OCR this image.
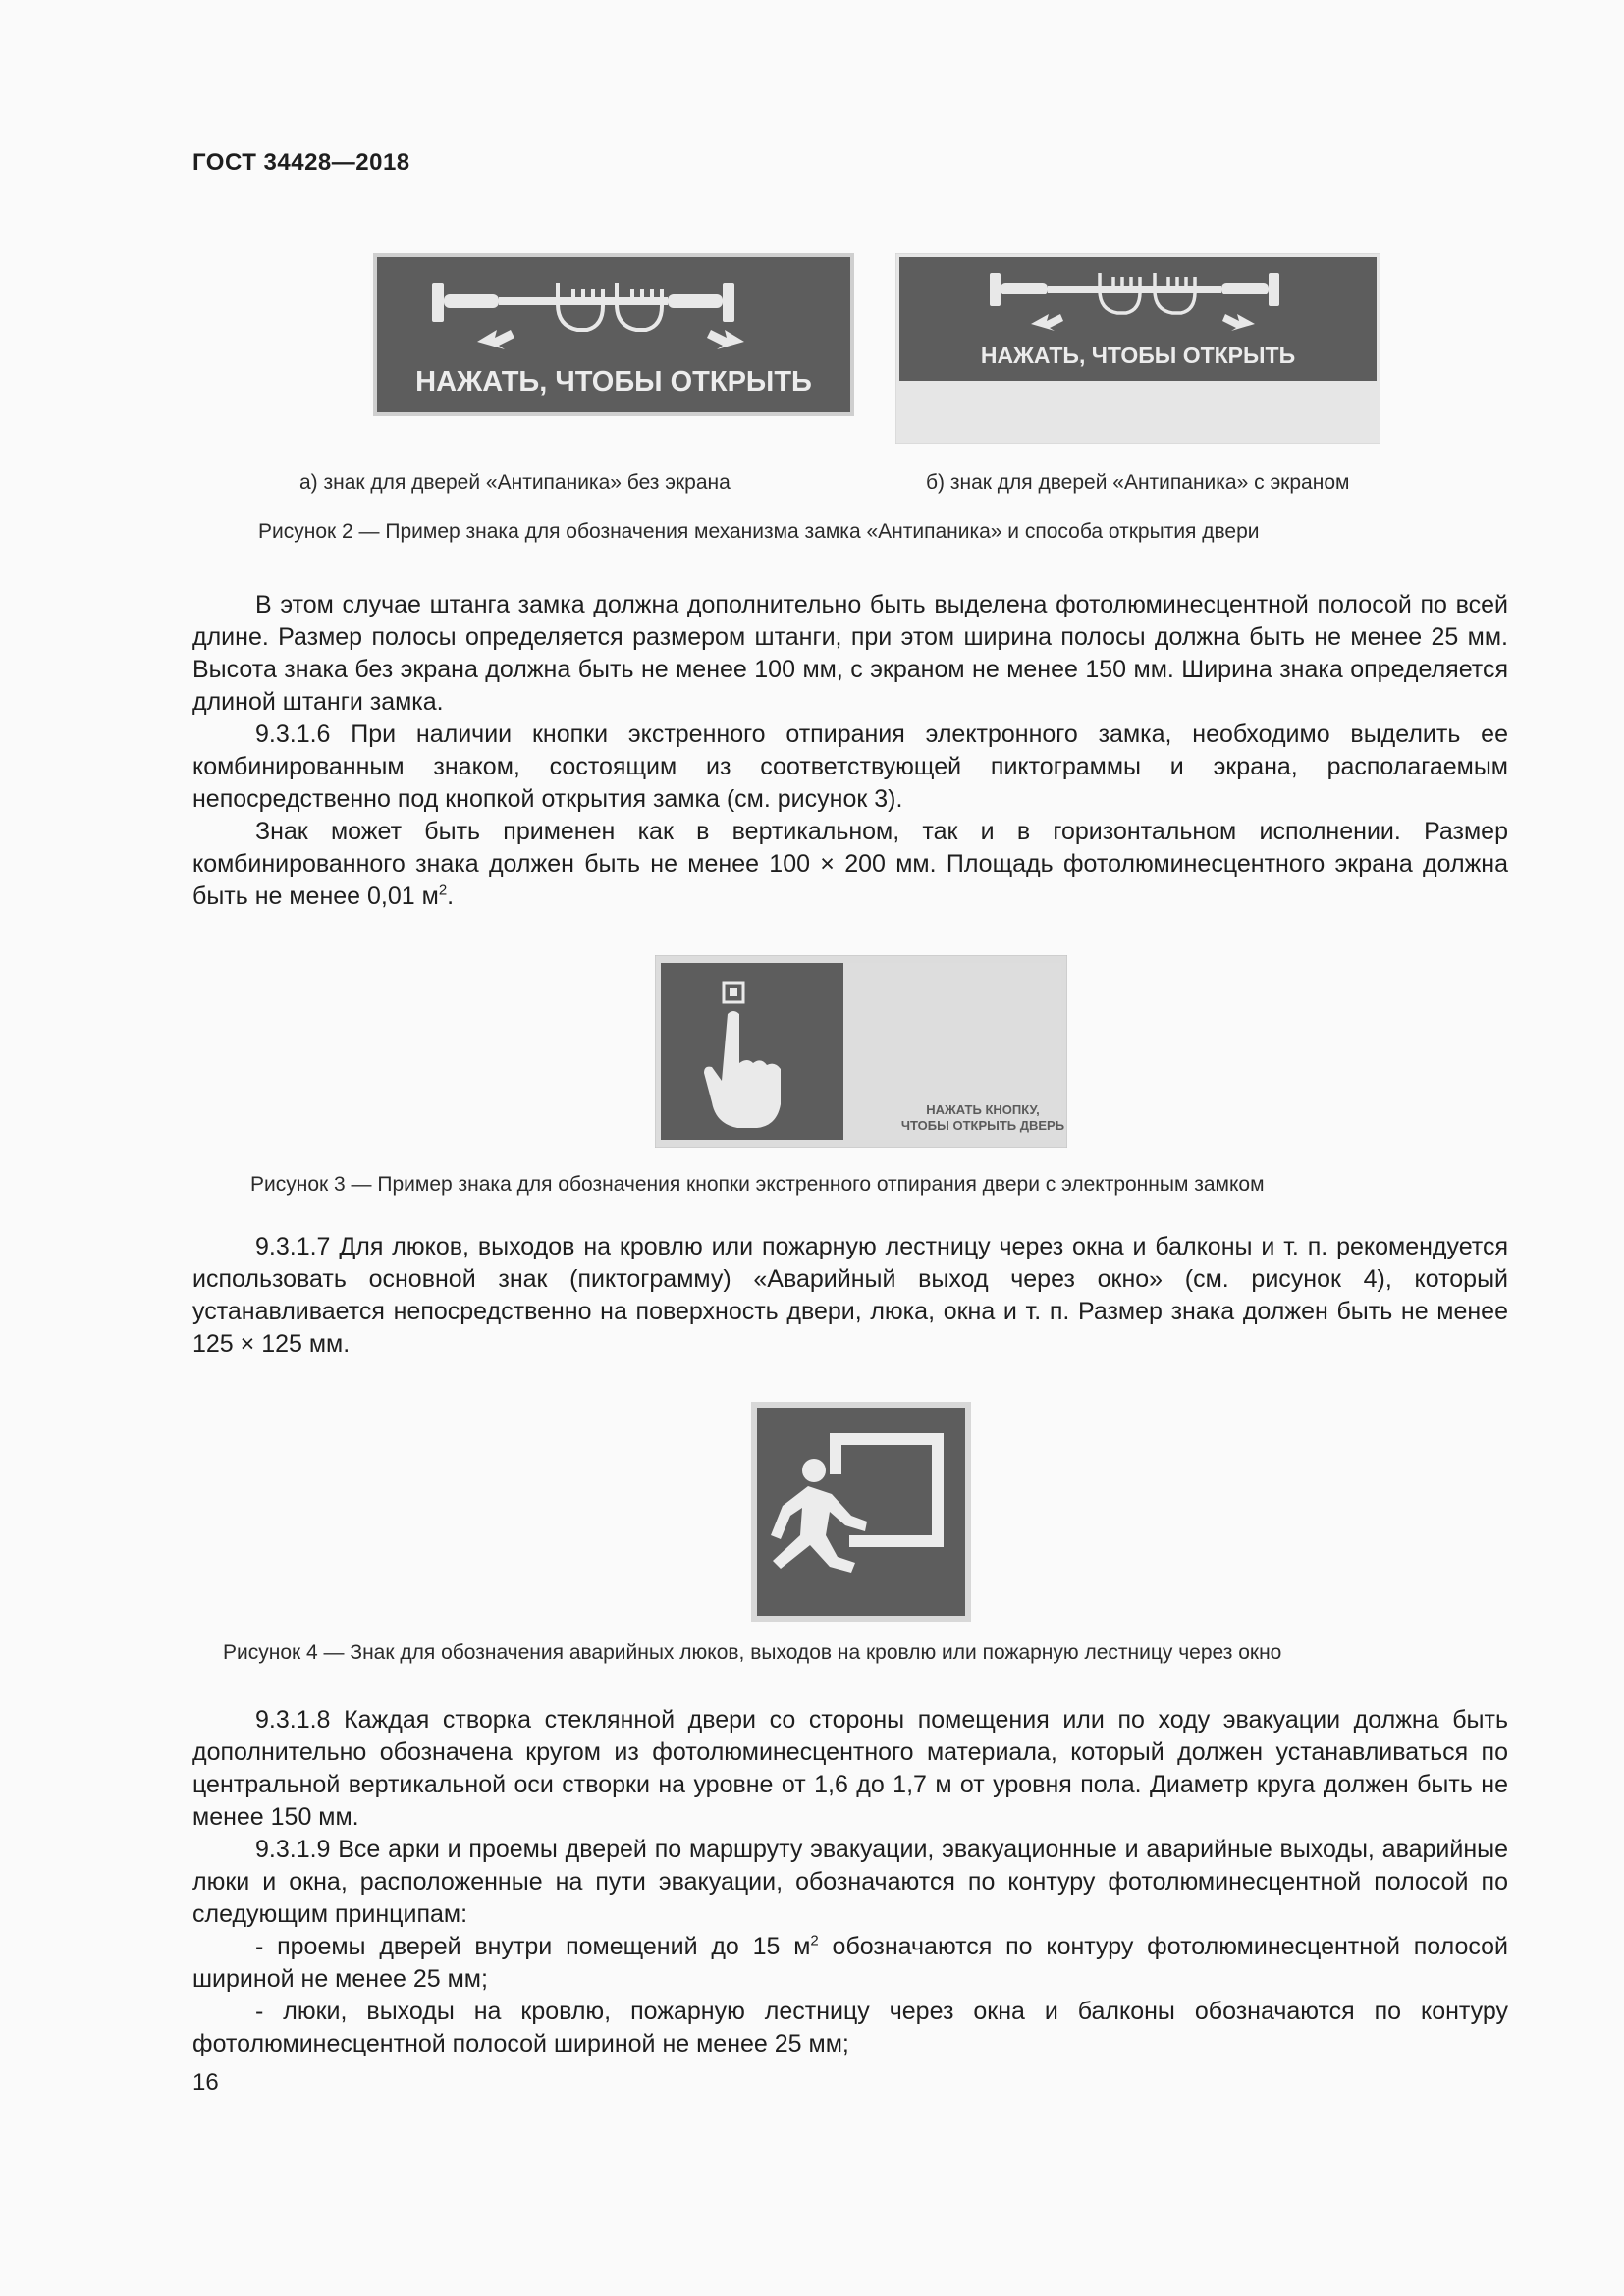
ГОСТ 34428—2018
НАЖАТЬ, ЧТОБЫ ОТКРЫТЬ
НАЖАТЬ, ЧТОБЫ ОТКРЫТЬ
а) знак для дверей «Антипаника» без экрана	б) знак для дверей «Антипаника» с экраном
Рисунок 2 — Пример знака для обозначения механизма замка «Антипаника» и способа открытия двери

В этом случае штанга замка должна дополнительно быть выделена фотолюминесцентной полосой по всей длине. Размер полосы определяется размером штанги, при этом ширина полосы должна быть не менее 25 мм. Высота знака без экрана должна быть не менее 100 мм, с экраном не менее 150 мм. Ширина знака определяется длиной штанги замка.

9.3.1.6 При наличии кнопки экстренного отпирания электронного замка, необходимо выделить ее комбинированным знаком, состоящим из соответствующей пиктограммы и экрана, располагаемым непосредственно под кнопкой открытия замка (см. рисунок 3).

Знак может быть применен как в вертикальном, так и в горизонтальном исполнении. Размер комбинированного знака должен быть не менее 100 × 200 мм. Площадь фотолюминесцентного экрана должна быть не менее 0,01 $м^2$.

НАЖАТЬ КНОПКУ,
ЧТОБЫ ОТКРЫТЬ ДВЕРЬ
Рисунок 3 — Пример знака для обозначения кнопки экстренного отпирания двери с электронным замком

9.3.1.7 Для люков, выходов на кровлю или пожарную лестницу через окна и балконы и т. п. рекомендуется использовать основной знак (пиктограмму) «Аварийный выход через окно» (см. рисунок 4), который устанавливается непосредственно на поверхность двери, люка, окна и т. п. Размер знака должен быть не менее 125 × 125 мм.

Рисунок 4 — Знак для обозначения аварийных люков, выходов на кровлю или пожарную лестницу через окно

9.3.1.8 Каждая створка стеклянной двери со стороны помещения или по ходу эвакуации должна быть дополнительно обозначена кругом из фотолюминесцентного материала, который должен устанавливаться по центральной вертикальной оси створки на уровне от 1,6 до 1,7 м от уровня пола. Диаметр круга должен быть не менее 150 мм.

9.3.1.9 Все арки и проемы дверей по маршруту эвакуации, эвакуационные и аварийные выходы, аварийные люки и окна, расположенные на пути эвакуации, обозначаются по контуру фотолюминесцентной полосой по следующим принципам:

- проемы дверей внутри помещений до 15 $м^2$ обозначаются по контуру фотолюминесцентной полосой шириной не менее 25 мм;

- люки, выходы на кровлю, пожарную лестницу через окна и балконы обозначаются по контуру фотолюминесцентной полосой шириной не менее 25 мм;

16
